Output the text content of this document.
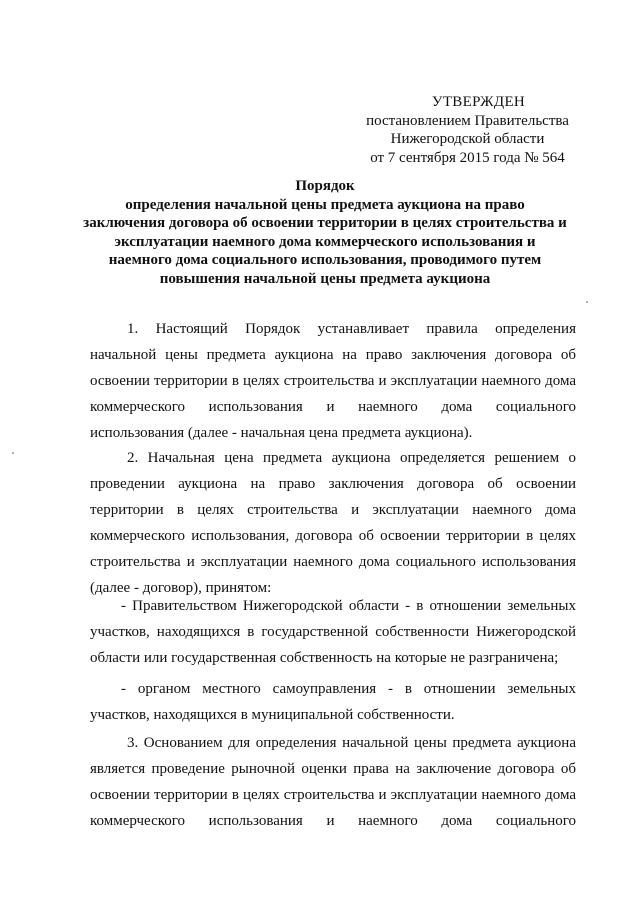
УТВЕРЖДЕН
постановлением Правительства
Нижегородской области
от 7 сентября 2015 года № 564
Порядок
определения начальной цены предмета аукциона на право
заключения договора об освоении территории в целях строительства и
эксплуатации наемного дома коммерческого использования и
наемного дома социального использования, проводимого путем
повышения начальной цены предмета аукциона
1. Настоящий Порядок устанавливает правила определения
начальной цены предмета аукциона на право заключения договора об
освоении территории в целях строительства и эксплуатации наемного дома
коммерческого использования и наемного дома социального
использования (далее - начальная цена предмета аукциона).
2. Начальная цена предмета аукциона определяется решением о
проведении аукциона на право заключения договора об освоении
территории в целях строительства и эксплуатации наемного дома
коммерческого использования, договора об освоении территории в целях
строительства и эксплуатации наемного дома социального использования
(далее - договор), принятом:
- Правительством Нижегородской области - в отношении земельных
участков, находящихся в государственной собственности Нижегородской
области или государственная собственность на которые не разграничена;
- органом местного самоуправления - в отношении земельных
участков, находящихся в муниципальной собственности.
3. Основанием для определения начальной цены предмета аукциона
является проведение рыночной оценки права на заключение договора об
освоении территории в целях строительства и эксплуатации наемного дома
коммерческого использования и наемного дома социального
